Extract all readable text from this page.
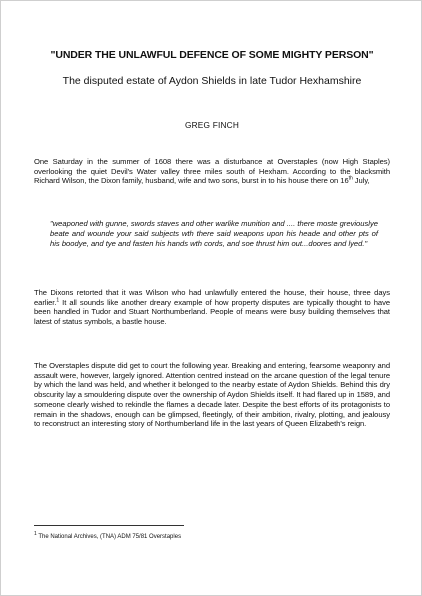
"UNDER THE UNLAWFUL DEFENCE OF SOME MIGHTY PERSON"
The disputed estate of Aydon Shields in late Tudor Hexhamshire
GREG FINCH
One Saturday in the summer of 1608 there was a disturbance at Overstaples (now High Staples) overlooking the quiet Devil's Water valley three miles south of Hexham. According to the blacksmith Richard Wilson, the Dixon family, husband, wife and two sons, burst in to his house there on 16th July,
"weaponed with gunne, swords staves and other warlike munition and .... there moste greviouslye beate and wounde your said subjects wth there said weapons upon his heade and other pts of his boodye, and tye and fasten his hands wth cords, and soe thrust him out...doores and lyed."
The Dixons retorted that it was Wilson who had unlawfully entered the house, their house, three days earlier.$^1$ It all sounds like another dreary example of how property disputes are typically thought to have been handled in Tudor and Stuart Northumberland. People of means were busy building themselves that latest of status symbols, a bastle house.
The Overstaples dispute did get to court the following year. Breaking and entering, fearsome weaponry and assault were, however, largely ignored. Attention centred instead on the arcane question of the legal tenure by which the land was held, and whether it belonged to the nearby estate of Aydon Shields. Behind this dry obscurity lay a smouldering dispute over the ownership of Aydon Shields itself. It had flared up in 1589, and someone clearly wished to rekindle the flames a decade later. Despite the best efforts of its protagonists to remain in the shadows, enough can be glimpsed, fleetingly, of their ambition, rivalry, plotting, and jealousy to reconstruct an interesting story of Northumberland life in the last years of Queen Elizabeth's reign.
$^1$ The National Archives, (TNA) ADM 75/81 Overstaples
